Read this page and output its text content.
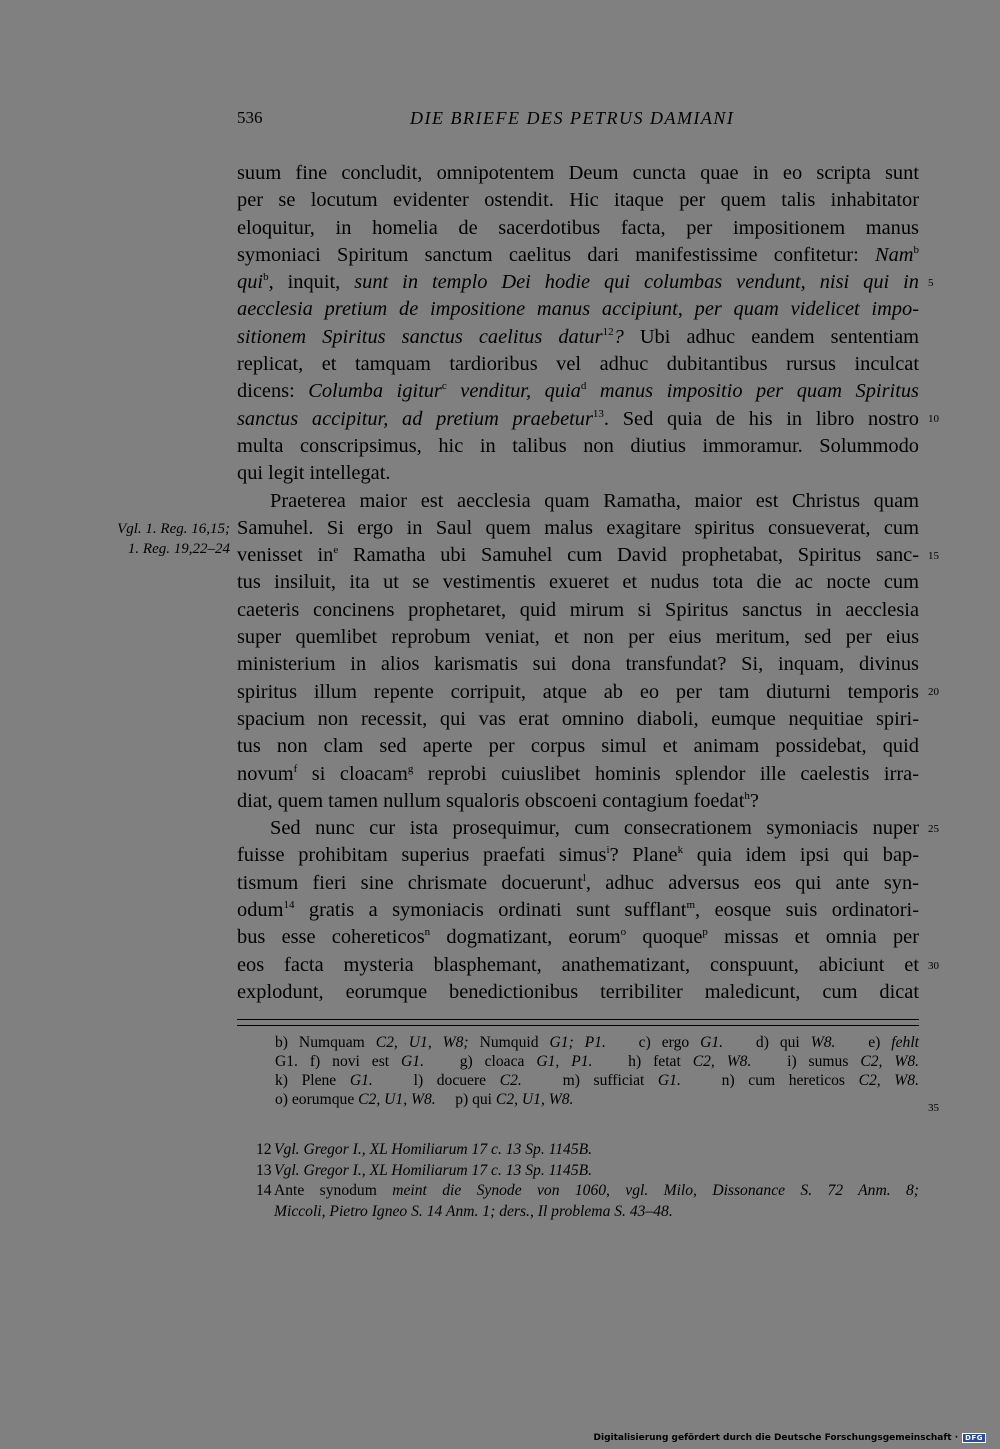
536	DIE BRIEFE DES PETRUS DAMIANI
suum fine concludit, omnipotentem Deum cuncta quae in eo scripta sunt
per se locutum evidenter ostendit. Hic itaque per quem talis inhabitator
eloquitur, in homelia de sacerdotibus facta, per impositionem manus
symoniaci Spiritum sanctum caelitus dari manifestissime confitetur: Nam$^b$
qui$^b$, inquit, sunt in templo Dei hodie qui columbas vendunt, nisi qui in
aecclesia pretium de impositione manus accipiunt, per quam videlicet impo-
sitionem Spiritus sanctus caelitus datur$^{12}$? Ubi adhuc eandem sententiam
replicat, et tamquam tardioribus vel adhuc dubitantibus rursus inculcat
dicens: Columba igitur$^c$ venditur, quia$^d$ manus impositio per quam Spiritus
sanctus accipitur, ad pretium praebetur$^{13}$. Sed quia de his in libro nostro
multa conscripsimus, hic in talibus non diutius immoramur. Solummodo
qui legit intellegat.
Praeterea maior est aecclesia quam Ramatha, maior est Christus quam
Samuhel. Si ergo in Saul quem malus exagitare spiritus consueverat, cum
venisset $in^e$ Ramatha ubi Samuhel cum David prophetabat, Spiritus sanc-
tus insiluit, ita ut se vestimentis exueret et nudus tota die ac nocte cum
caeteris concinens prophetaret, quid mirum si Spiritus sanctus in aecclesia
super quemlibet reprobum veniat, et non per eius meritum, sed per eius
ministerium in alios karismatis sui dona transfundat? Si, inquam, divinus
spiritus illum repente corripuit, atque ab eo per tam diuturni temporis
spacium non recessit, qui vas erat omnino diaboli, eumque nequitiae spiri-
tus non clam sed aperte per corpus simul et animam possidebat, quid
novum$^f$ si cloacam$^g$ reprobi cuiuslibet hominis splendor ille caelestis irra-
diat, quem tamen nullum squaloris obscoeni contagium foedat$^h$?
Sed nunc cur ista prosequimur, cum consecrationem symoniacis nuper
fuisse prohibitam superius praefati simus$^i$? Plane$^k$ quia idem ipsi qui bap-
tismum fieri sine chrismate docuerunt$^l$, adhuc adversus eos qui ante syn-
odum$^{14}$ gratis a symoniacis ordinati sunt sufflant$^m$, eosque suis ordinatori-
bus esse cohereticos$^n$ dogmatizant, eorum$^o$ quoque$^p$ missas et omnia per
eos facta mysteria blasphemant, anathematizant, conspuunt, abiciunt et
explodunt, eorumque benedictionibus terribiliter maledicunt, cum dicat
5
10
15
20
25
30
35
Vgl. 1. Reg. 16,15;
1. Reg. 19,22–24
b) Numquam C2, U1, W8; Numquid G1; P1.   c) ergo G1.   d) qui W8.   e) fehlt
G1. f) novi est G1.   g) cloaca G1, P1.   h) fetat C2, W8.   i) sumus C2, W8.
k) Plene G1.   l) docuere C2.   m) sufficiat G1.   n) cum hereticos C2, W8.
o) eorumque C2, U1, W8.     p) qui C2, U1, W8.
12 Vgl. Gregor I., XL Homiliarum 17 c. 13 Sp. 1145B.
13 Vgl. Gregor I., XL Homiliarum 17 c. 13 Sp. 1145B.
14 Ante synodum meint die Synode von 1060, vgl. Milo, Dissonance S. 72 Anm. 8;
Miccoli, Pietro Igneo S. 14 Anm. 1; ders., Il problema S. 43–48.
Digitalisierung gefördert durch die Deutsche Forschungsgemeinschaft ·	DFG
